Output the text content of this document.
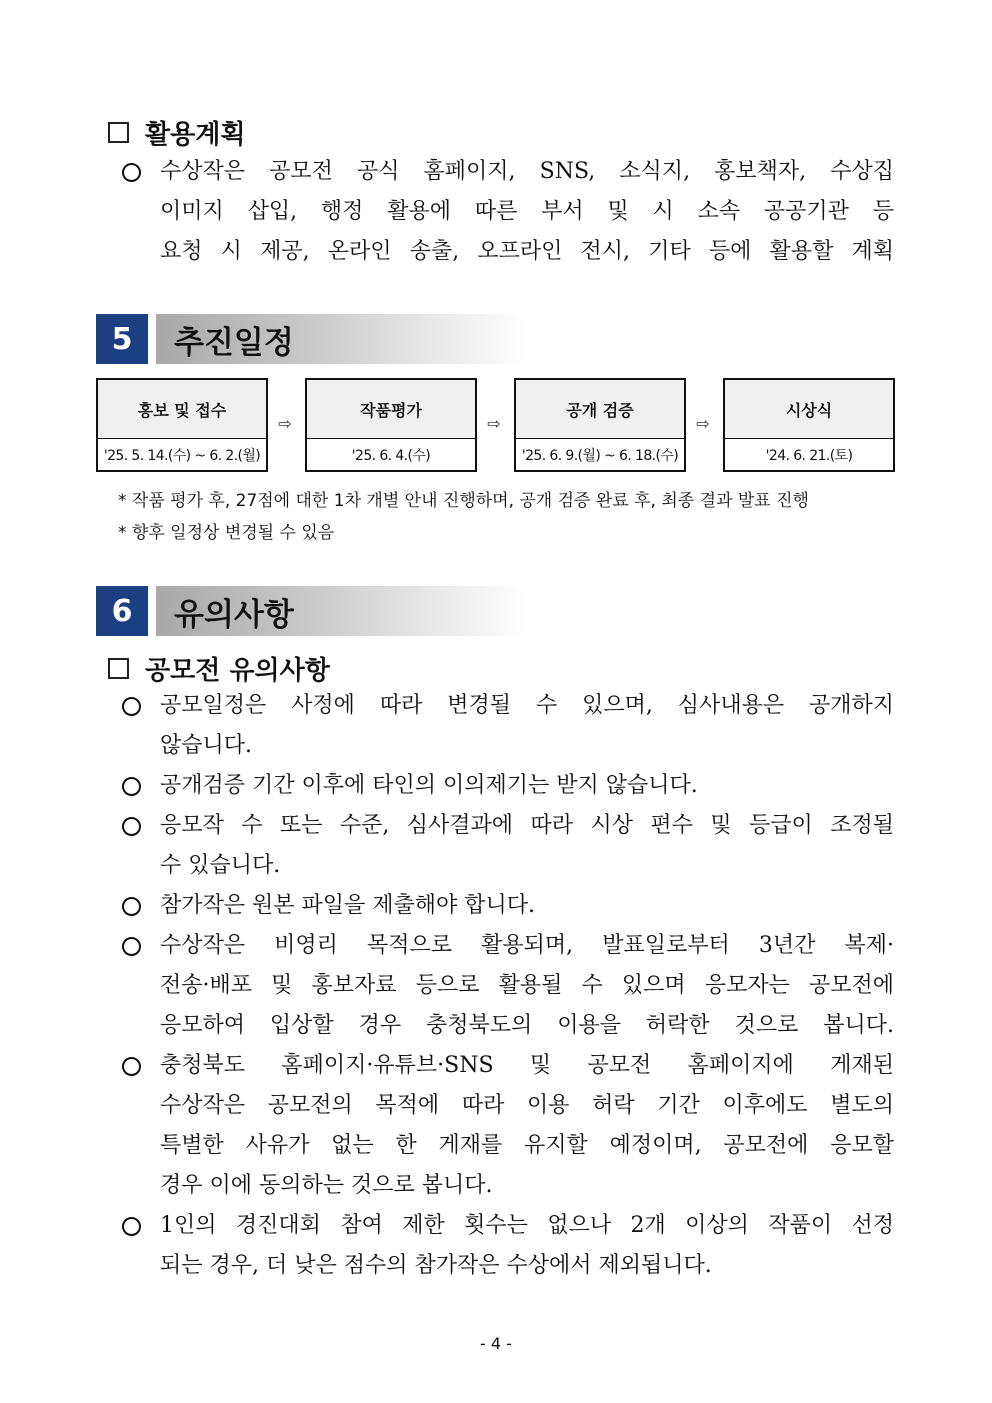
활용계획
수상작은 공모전 공식 홈페이지, SNS, 소식지, 홍보책자, 수상집
이미지 삽입, 행정 활용에 따른 부서 및 시 소속 공공기관 등
요청 시 제공, 온라인 송출, 오프라인 전시, 기타 등에 활용할 계획
5	추진일정
홍보 및 접수
'25. 5. 14.(수) ~ 6. 2.(월)
⇨
작품평가
'25. 6. 4.(수)
⇨
공개 검증
'25. 6. 9.(월) ~ 6. 18.(수)
⇨
시상식
'24. 6. 21.(토)
* 작품 평가 후, 27점에 대한 1차 개별 안내 진행하며, 공개 검증 완료 후, 최종 결과 발표 진행
* 향후 일정상 변경될 수 있음
6	유의사항
공모전 유의사항
공모일정은 사정에 따라 변경될 수 있으며, 심사내용은 공개하지
않습니다.
공개검증 기간 이후에 타인의 이의제기는 받지 않습니다.
응모작 수 또는 수준, 심사결과에 따라 시상 편수 및 등급이 조정될
수 있습니다.
참가작은 원본 파일을 제출해야 합니다.
수상작은 비영리 목적으로 활용되며, 발표일로부터 3년간 복제·
전송·배포 및 홍보자료 등으로 활용될 수 있으며 응모자는 공모전에
응모하여 입상할 경우 충청북도의 이용을 허락한 것으로 봅니다.
충청북도 홈페이지·유튜브·SNS 및 공모전 홈페이지에 게재된
수상작은 공모전의 목적에 따라 이용 허락 기간 이후에도 별도의
특별한 사유가 없는 한 게재를 유지할 예정이며, 공모전에 응모할
경우 이에 동의하는 것으로 봅니다.
1인의 경진대회 참여 제한 횟수는 없으나 2개 이상의 작품이 선정
되는 경우, 더 낮은 점수의 참가작은 수상에서 제외됩니다.
- 4 -
